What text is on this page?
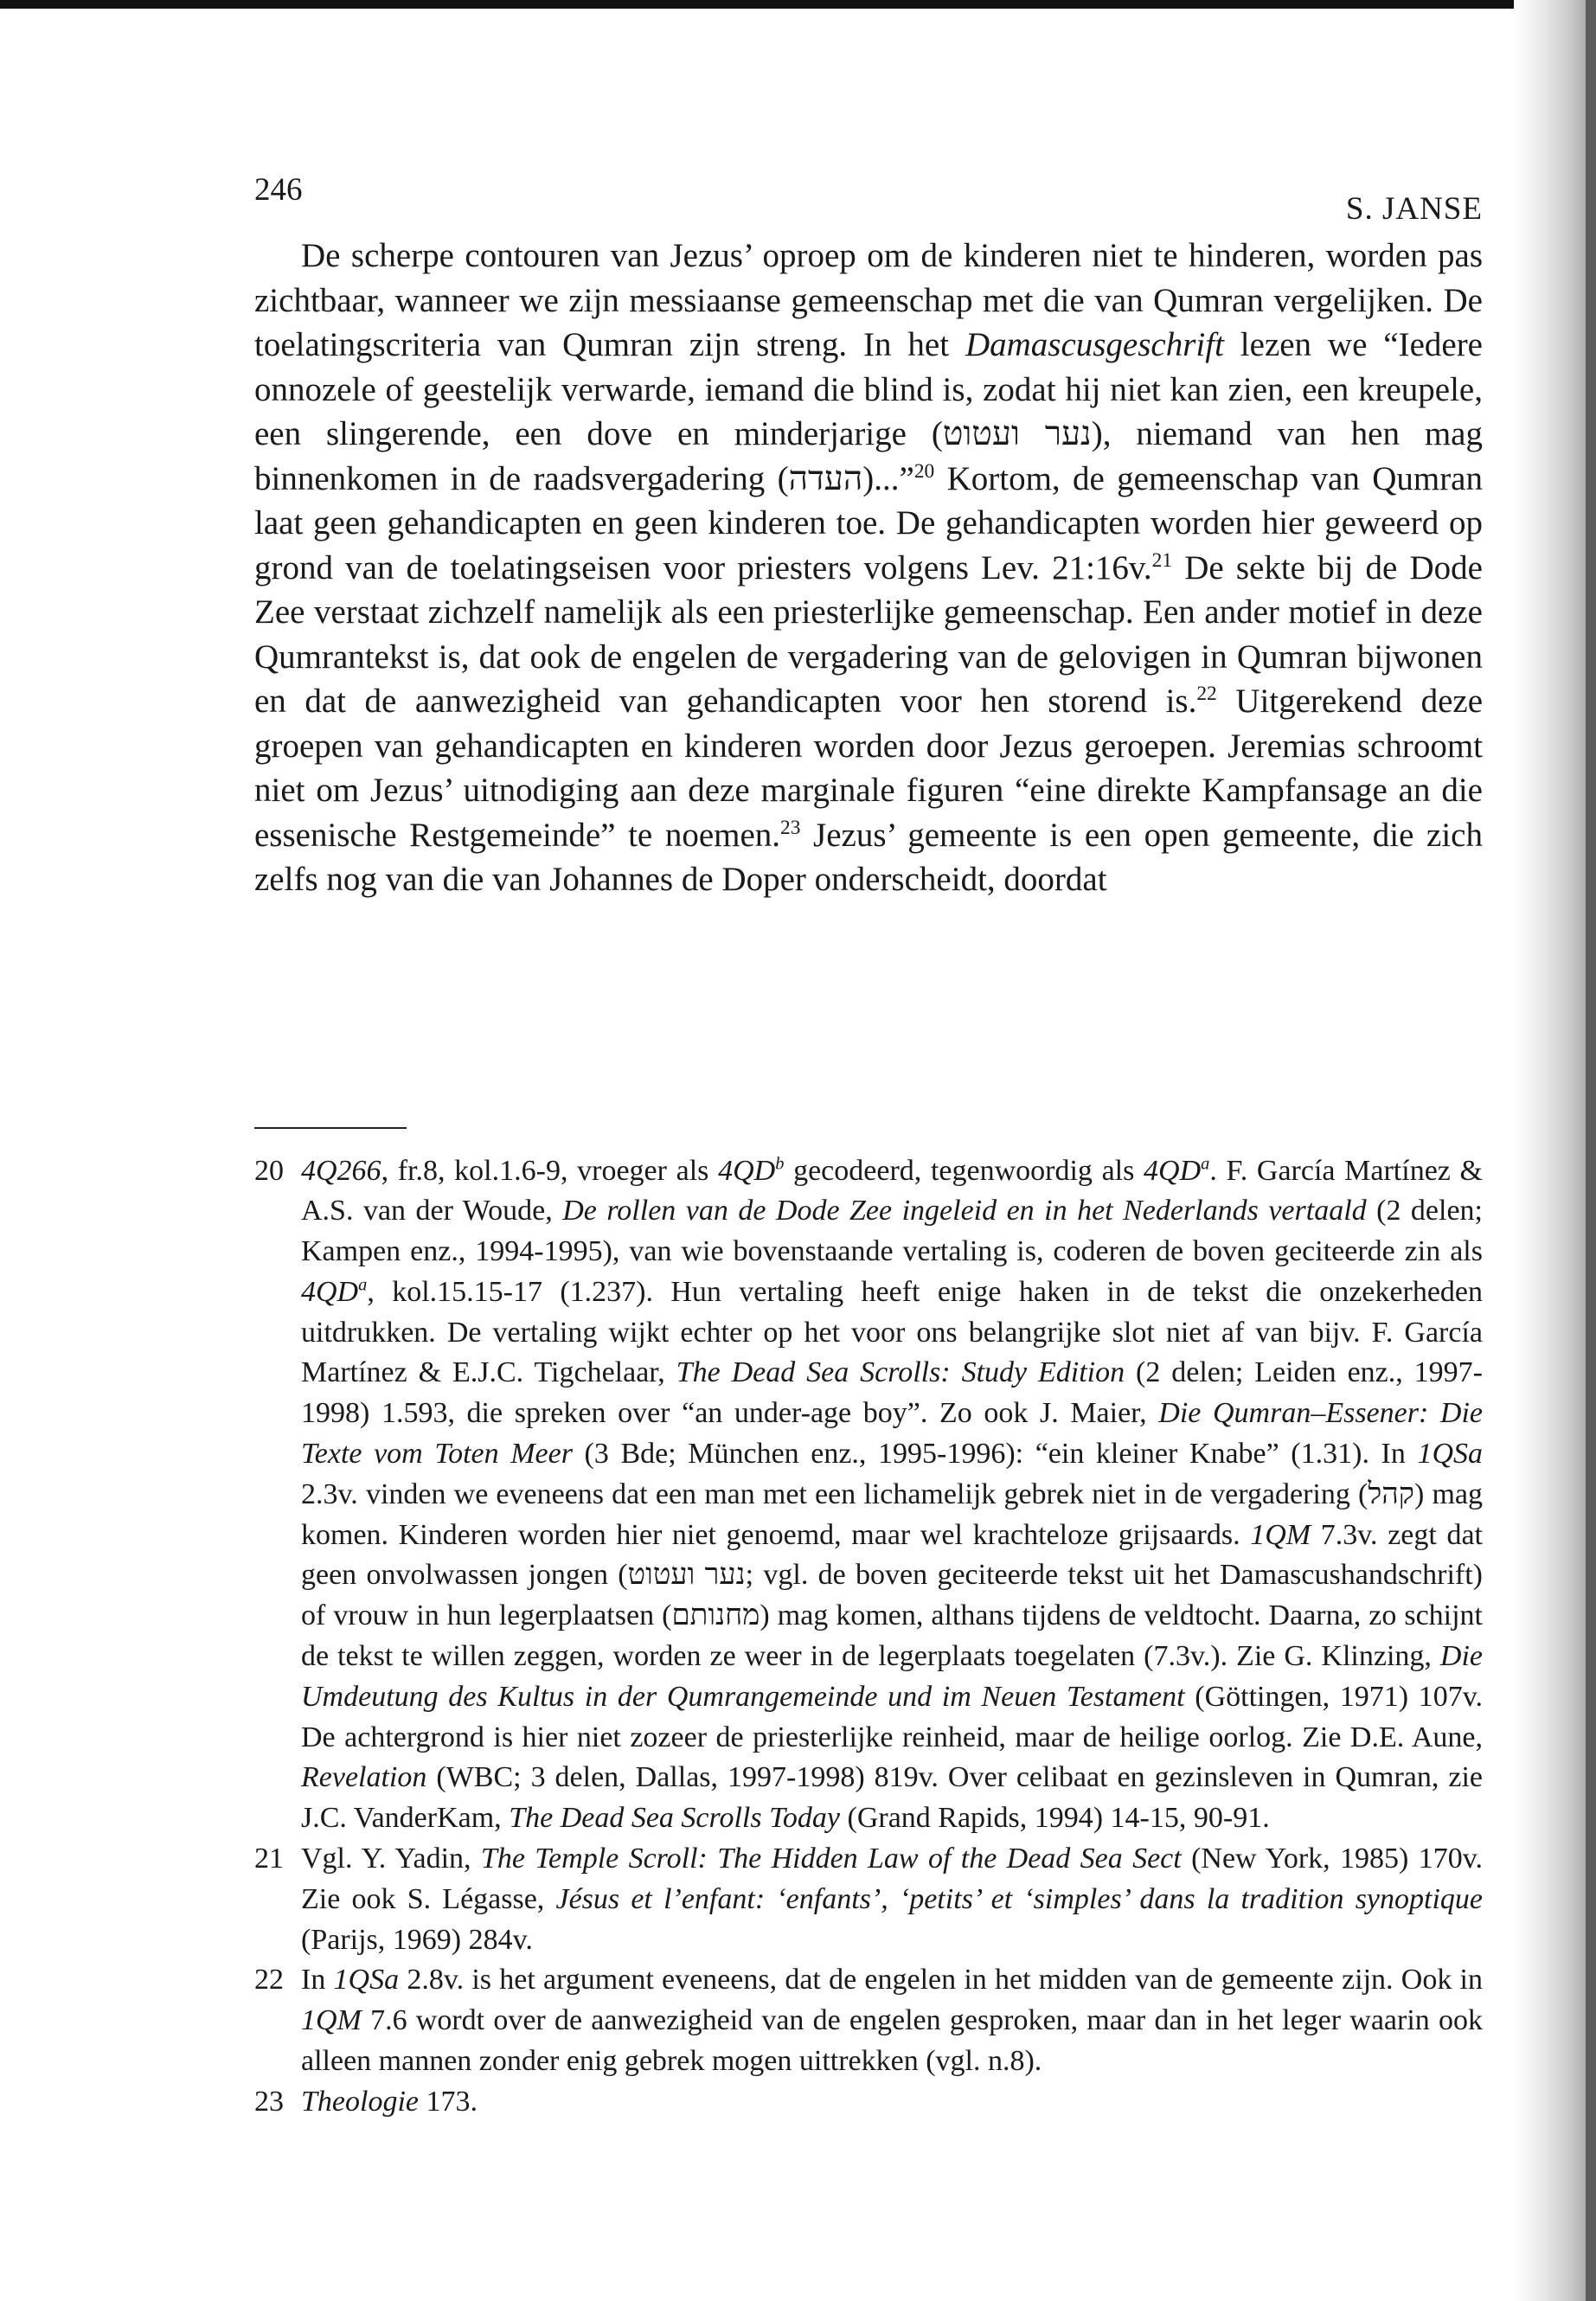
246
S. JANSE

De scherpe contouren van Jezus’ oproep om de kinderen niet te hinderen, worden pas zichtbaar, wanneer we zijn messiaanse gemeenschap met die van Qumran vergelijken. De toelatingscriteria van Qumran zijn streng. In het Damascusgeschrift lezen we “Iedere onnozele of geestelijk verwarde, iemand die blind is, zodat hij niet kan zien, een kreupele, een slingerende, een dove en minderjarige (נער ועטוט), niemand van hen mag binnenkomen in de raadsvergadering (העדה)...”$^{20}$ Kortom, de gemeenschap van Qumran laat geen gehandicapten en geen kinderen toe. De gehandicapten worden hier geweerd op grond van de toelatingseisen voor priesters volgens Lev. 21:16v.$^{21}$ De sekte bij de Dode Zee verstaat zichzelf namelijk als een priesterlijke gemeenschap. Een ander motief in deze Qumrantekst is, dat ook de engelen de vergadering van de gelovigen in Qumran bijwonen en dat de aanwezigheid van gehandicapten voor hen storend is.$^{22}$ Uitgerekend deze groepen van gehandicapten en kinderen worden door Jezus geroepen. Jeremias schroomt niet om Jezus’ uitnodiging aan deze marginale figuren “eine direkte Kampfansage an die essenische Restgemeinde” te noemen.$^{23}$ Jezus’ gemeente is een open gemeente, die zich zelfs nog van die van Johannes de Doper onderscheidt, doordat

20 4Q266, fr.8, kol.1.6-9, vroeger als $4QD^b$ gecodeerd, tegenwoordig als $4QD^a$. F. García Martínez & A.S. van der Woude, De rollen van de Dode Zee ingeleid en in het Nederlands vertaald (2 delen; Kampen enz., 1994-1995), van wie bovenstaande vertaling is, coderen de boven geciteerde zin als $4QD^a$, kol.15.15-17 (1.237). Hun vertaling heeft enige haken in de tekst die onzekerheden uitdrukken. De vertaling wijkt echter op het voor ons belangrijke slot niet af van bijv. F. García Martínez & E.J.C. Tigchelaar, The Dead Sea Scrolls: Study Edition (2 delen; Leiden enz., 1997-1998) 1.593, die spreken over “an under-age boy”. Zo ook J. Maier, Die Qumran–Essener: Die Texte vom Toten Meer (3 Bde; München enz., 1995-1996): “ein kleiner Knabe” (1.31). In 1QSa 2.3v. vinden we eveneens dat een man met een lichamelijk gebrek niet in de vergadering (קהל) mag komen. Kinderen worden hier niet genoemd, maar wel krachteloze grijsaards. 1QM 7.3v. zegt dat geen onvolwassen jongen (נער ועטוט; vgl. de boven geciteerde tekst uit het Damascushandschrift) of vrouw in hun legerplaatsen (מחנותם) mag komen, althans tijdens de veldtocht. Daarna, zo schijnt de tekst te willen zeggen, worden ze weer in de legerplaats toegelaten (7.3v.). Zie G. Klinzing, Die Umdeutung des Kultus in der Qumrangemeinde und im Neuen Testament (Göttingen, 1971) 107v. De achtergrond is hier niet zozeer de priesterlijke reinheid, maar de heilige oorlog. Zie D.E. Aune, Revelation (WBC; 3 delen, Dallas, 1997-1998) 819v. Over celibaat en gezinsleven in Qumran, zie J.C. VanderKam, The Dead Sea Scrolls Today (Grand Rapids, 1994) 14-15, 90-91.
21 Vgl. Y. Yadin, The Temple Scroll: The Hidden Law of the Dead Sea Sect (New York, 1985) 170v. Zie ook S. Légasse, Jésus et l’enfant: ‘enfants’, ‘petits’ et ‘simples’ dans la tradition synoptique (Parijs, 1969) 284v.
22 In 1QSa 2.8v. is het argument eveneens, dat de engelen in het midden van de gemeente zijn. Ook in 1QM 7.6 wordt over de aanwezigheid van de engelen gesproken, maar dan in het leger waarin ook alleen mannen zonder enig gebrek mogen uittrekken (vgl. n.8).
23 Theologie 173.
